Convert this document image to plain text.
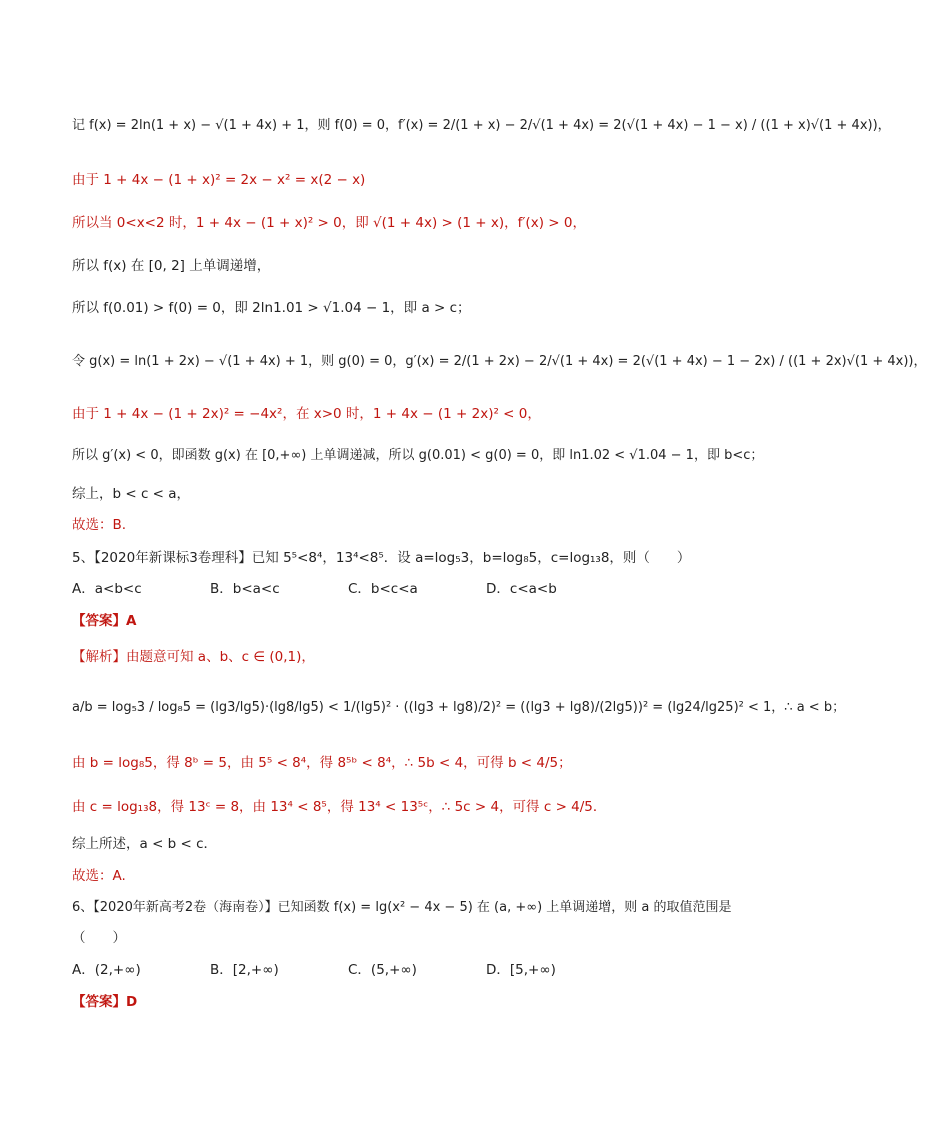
记 f(x) = 2ln(1 + x) − √(1 + 4x) + 1，则 f(0) = 0，f′(x) = 2/(1 + x) − 2/√(1 + 4x) = 2(√(1 + 4x) − 1 − x) / ((1 + x)√(1 + 4x))，
由于 1 + 4x − (1 + x)² = 2x − x² = x(2 − x)
所以当 0<x<2 时，1 + 4x − (1 + x)² > 0，即 √(1 + 4x) > (1 + x)，f′(x) > 0，
所以 f(x) 在 [0, 2] 上单调递增，
所以 f(0.01) > f(0) = 0，即 2ln1.01 > √1.04 − 1，即 a > c；
令 g(x) = ln(1 + 2x) − √(1 + 4x) + 1，则 g(0) = 0，g′(x) = 2/(1 + 2x) − 2/√(1 + 4x) = 2(√(1 + 4x) − 1 − 2x) / ((1 + 2x)√(1 + 4x))，
由于 1 + 4x − (1 + 2x)² = −4x²，在 x>0 时，1 + 4x − (1 + 2x)² < 0，
所以 g′(x) < 0，即函数 g(x) 在 [0,+∞) 上单调递减，所以 g(0.01) < g(0) = 0，即 ln1.02 < √1.04 − 1，即 b<c；
综上，b < c < a，
故选：B.
5、【2020年新课标3卷理科】已知 5⁵<8⁴，13⁴<8⁵．设 a=log₅3，b=log₈5，c=log₁₃8，则（　　）
A．a<b<c	B．b<a<c	C．b<c<a	D．c<a<b
【答案】A
【解析】由题意可知 a、b、c ∈ (0,1)，
a/b = log₅3 / log₈5 = (lg3/lg5)·(lg8/lg5) < 1/(lg5)² · ((lg3 + lg8)/2)² = ((lg3 + lg8)/(2lg5))² = (lg24/lg25)² < 1，∴ a < b；
由 b = log₈5，得 8ᵇ = 5，由 5⁵ < 8⁴，得 8⁵ᵇ < 8⁴，∴ 5b < 4，可得 b < 4/5；
由 c = log₁₃8，得 13ᶜ = 8，由 13⁴ < 8⁵，得 13⁴ < 13⁵ᶜ，∴ 5c > 4，可得 c > 4/5．
综上所述，a < b < c．
故选：A.
6、【2020年新高考2卷（海南卷）】已知函数 f(x) = lg(x² − 4x − 5) 在 (a, +∞) 上单调递增，则 a 的取值范围是
（　　）
A．(2,+∞)	B．[2,+∞)	C．(5,+∞)	D．[5,+∞)
【答案】D
